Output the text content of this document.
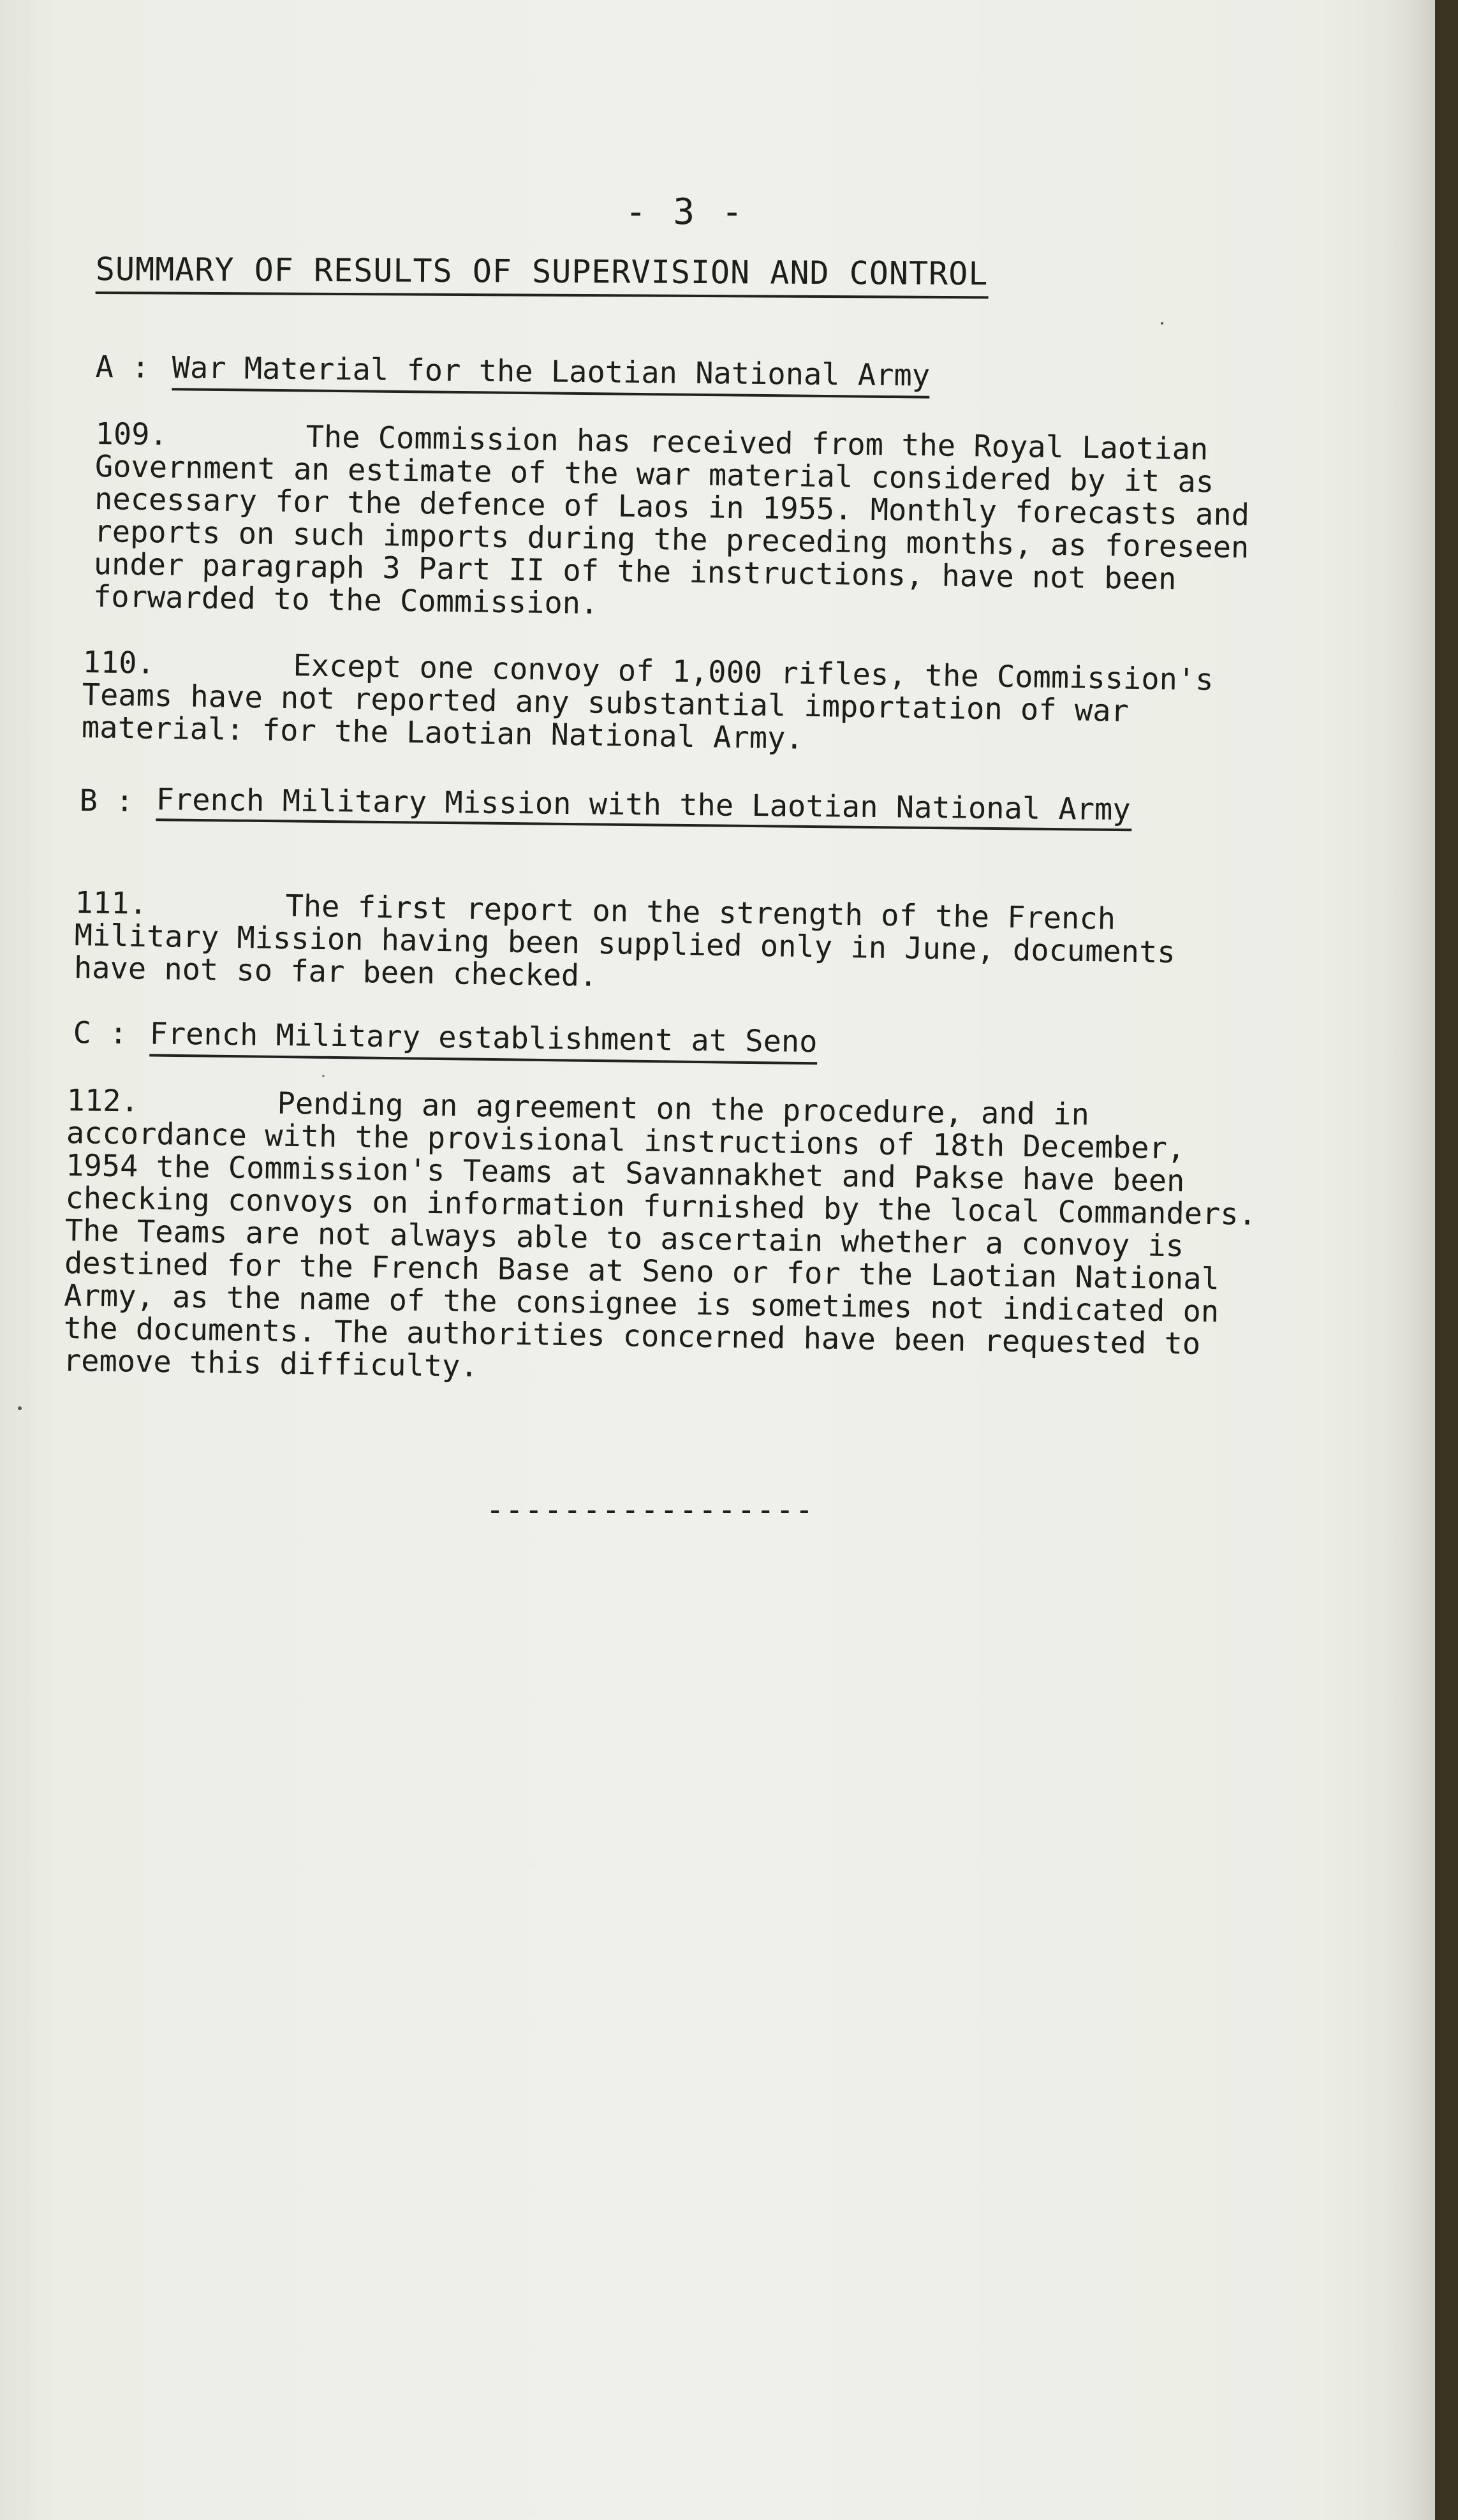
- 3 -
SUMMARY OF RESULTS OF SUPERVISION AND CONTROL
A : War Material for the Laotian National Army
109.	The Commission has received from the Royal Laotian Government an estimate of the war material considered by it as necessary for the defence of Laos in 1955. Monthly forecasts and reports on such imports during the preceding months, as foreseen under paragraph 3 Part II of the instructions, have not been forwarded to the Commission.
110.	Except one convoy of 1,000 rifles, the Commission's Teams have not reported any substantial importation of war material: for the Laotian National Army.
B : French Military Mission with the Laotian National Army
111.	The first report on the strength of the French Military Mission having been supplied only in June, documents have not so far been checked.
C : French Military establishment at Seno
112.	Pending an agreement on the procedure, and in accordance with the provisional instructions of 18th December, 1954 the Commission's Teams at Savannakhet and Pakse have been checking convoys on information furnished by the local Commanders. The Teams are not always able to ascertain whether a convoy is destined for the French Base at Seno or for the Laotian National Army, as the name of the consignee is sometimes not indicated on the documents. The authorities concerned have been requested to remove this difficulty.
-----------------
